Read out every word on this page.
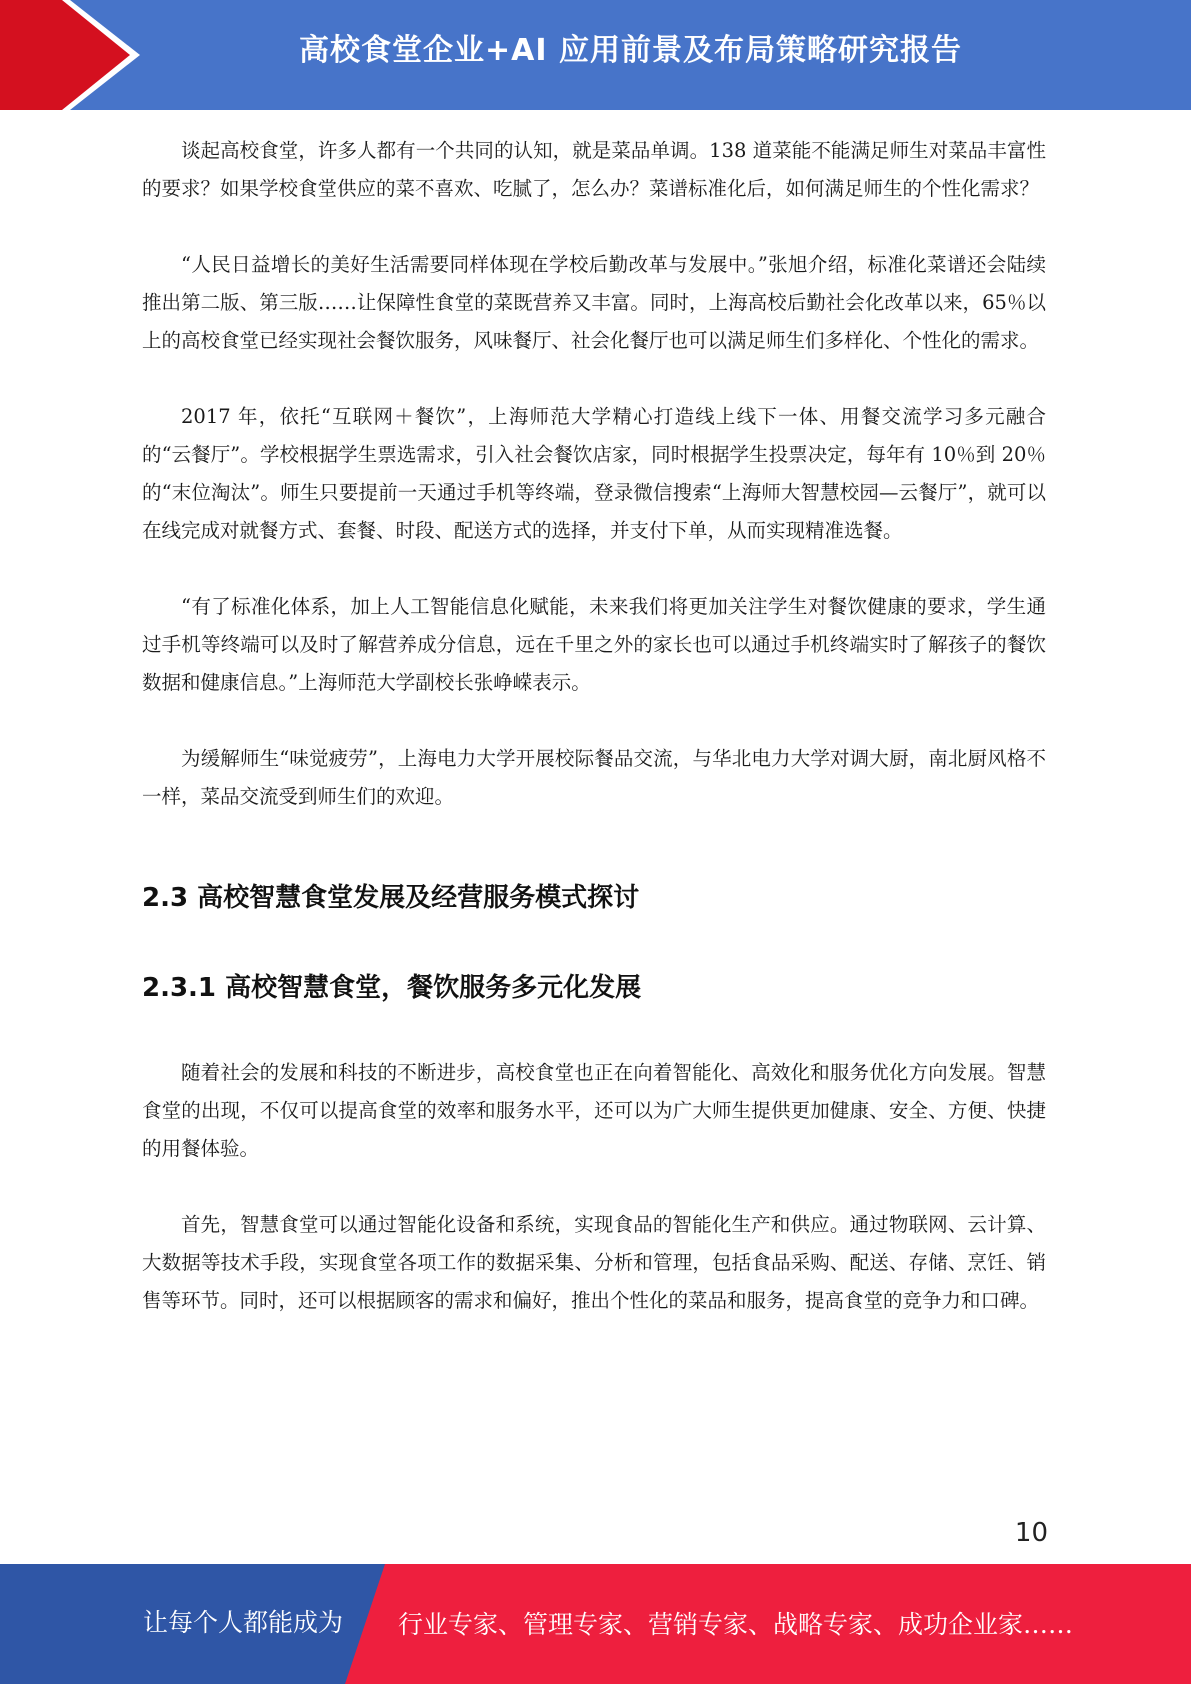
高校食堂企业+AI 应用前景及布局策略研究报告

谈起高校食堂，许多人都有一个共同的认知，就是菜品单调。138 道菜能不能满足师生对菜品丰富性的要求？如果学校食堂供应的菜不喜欢、吃腻了，怎么办？菜谱标准化后，如何满足师生的个性化需求？

“人民日益增长的美好生活需要同样体现在学校后勤改革与发展中。”张旭介绍，标准化菜谱还会陆续推出第二版、第三版……让保障性食堂的菜既营养又丰富。同时，上海高校后勤社会化改革以来，65％以上的高校食堂已经实现社会餐饮服务，风味餐厅、社会化餐厅也可以满足师生们多样化、个性化的需求。

2017 年，依托“互联网＋餐饮”，上海师范大学精心打造线上线下一体、用餐交流学习多元融合的“云餐厅”。学校根据学生票选需求，引入社会餐饮店家，同时根据学生投票决定，每年有 10％到 20％的“末位淘汰”。师生只要提前一天通过手机等终端，登录微信搜索“上海师大智慧校园—云餐厅”，就可以在线完成对就餐方式、套餐、时段、配送方式的选择，并支付下单，从而实现精准选餐。

“有了标准化体系，加上人工智能信息化赋能，未来我们将更加关注学生对餐饮健康的要求，学生通过手机等终端可以及时了解营养成分信息，远在千里之外的家长也可以通过手机终端实时了解孩子的餐饮数据和健康信息。”上海师范大学副校长张峥嵘表示。

为缓解师生“味觉疲劳”，上海电力大学开展校际餐品交流，与华北电力大学对调大厨，南北厨风格不一样，菜品交流受到师生们的欢迎。

2.3 高校智慧食堂发展及经营服务模式探讨
2.3.1 高校智慧食堂，餐饮服务多元化发展

随着社会的发展和科技的不断进步，高校食堂也正在向着智能化、高效化和服务优化方向发展。智慧食堂的出现，不仅可以提高食堂的效率和服务水平，还可以为广大师生提供更加健康、安全、方便、快捷的用餐体验。

首先，智慧食堂可以通过智能化设备和系统，实现食品的智能化生产和供应。通过物联网、云计算、大数据等技术手段，实现食堂各项工作的数据采集、分析和管理，包括食品采购、配送、存储、烹饪、销售等环节。同时，还可以根据顾客的需求和偏好，推出个性化的菜品和服务，提高食堂的竞争力和口碑。

10
让每个人都能成为 行业专家、管理专家、营销专家、战略专家、成功企业家……
